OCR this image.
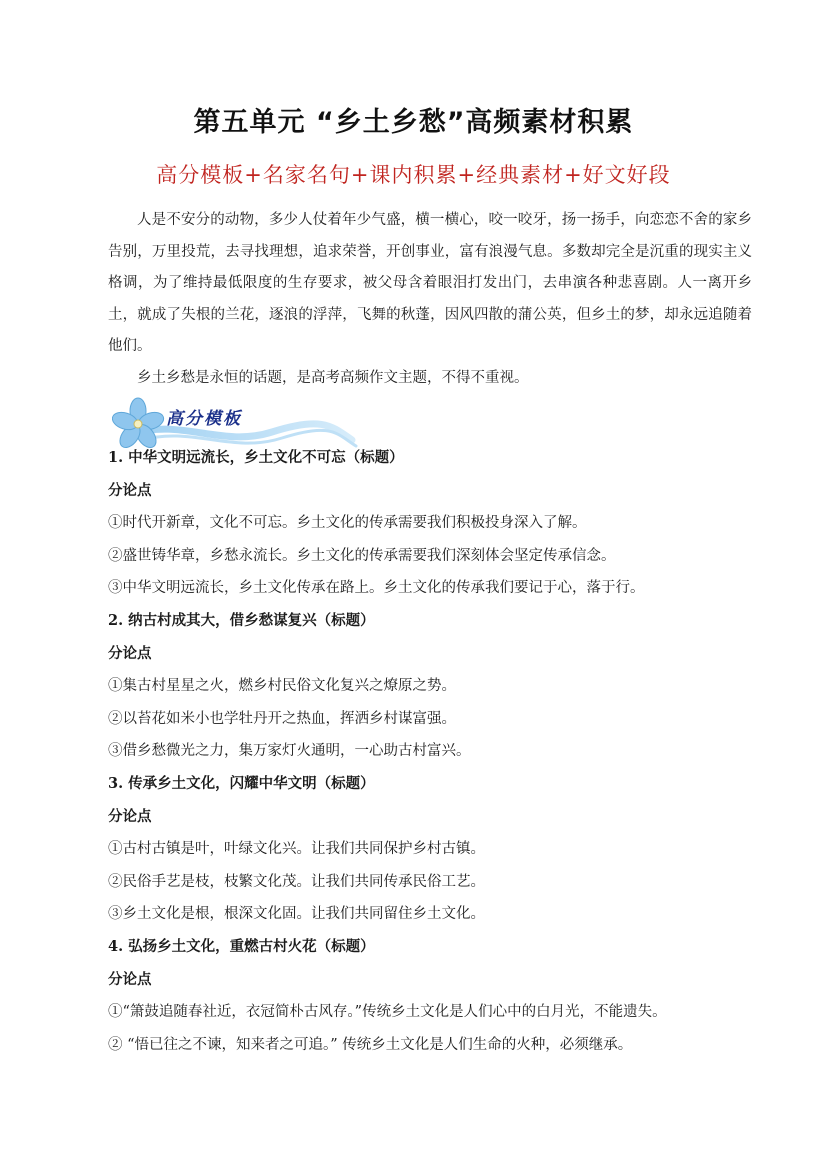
第五单元 “乡土乡愁”高频素材积累
高分模板+名家名句+课内积累+经典素材+好文好段

人是不安分的动物，多少人仗着年少气盛，横一横心，咬一咬牙，扬一扬手，向恋恋不舍的家乡告别，万里投荒，去寻找理想，追求荣誉，开创事业，富有浪漫气息。多数却完全是沉重的现实主义格调，为了维持最低限度的生存要求，被父母含着眼泪打发出门，去串演各种悲喜剧。人一离开乡土，就成了失根的兰花，逐浪的浮萍，飞舞的秋蓬，因风四散的蒲公英，但乡土的梦，却永远追随着他们。

乡土乡愁是永恒的话题，是高考高频作文主题，不得不重视。

高分模板
1. 中华文明远流长，乡土文化不可忘（标题）
分论点
①时代开新章，文化不可忘。乡土文化的传承需要我们积极投身深入了解。
②盛世铸华章，乡愁永流长。乡土文化的传承需要我们深刻体会坚定传承信念。
③中华文明远流长，乡土文化传承在路上。乡土文化的传承我们要记于心，落于行。
2. 纳古村成其大，借乡愁谋复兴（标题）
分论点
①集古村星星之火，燃乡村民俗文化复兴之燎原之势。
②以苔花如米小也学牡丹开之热血，挥洒乡村谋富强。
③借乡愁微光之力，集万家灯火通明，一心助古村富兴。
3. 传承乡土文化，闪耀中华文明（标题）
分论点
①古村古镇是叶，叶绿文化兴。让我们共同保护乡村古镇。
②民俗手艺是枝，枝繁文化茂。让我们共同传承民俗工艺。
③乡土文化是根，根深文化固。让我们共同留住乡土文化。
4. 弘扬乡土文化，重燃古村火花（标题）
分论点
①“箫鼓追随春社近，衣冠简朴古风存。”传统乡土文化是人们心中的白月光，不能遗失。
② “悟已往之不谏，知来者之可追。” 传统乡土文化是人们生命的火种，必须继承。
